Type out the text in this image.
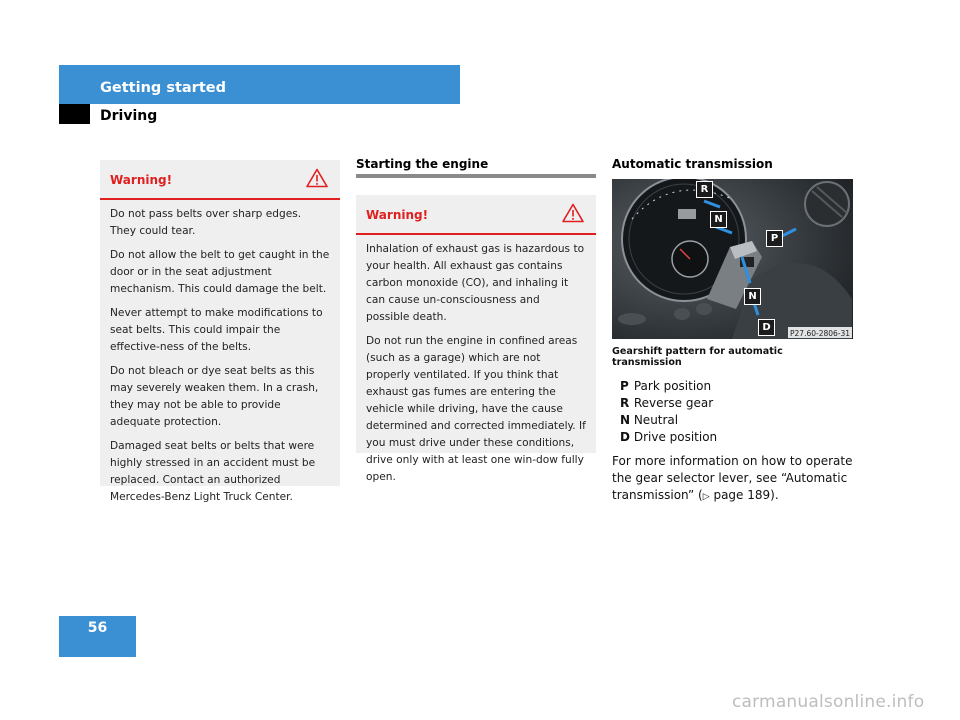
Getting started
Driving
Warning!

Do not pass belts over sharp edges. They could tear.

Do not allow the belt to get caught in the door or in the seat adjustment mechanism. This could damage the belt.

Never attempt to make modifications to seat belts. This could impair the effective-ness of the belts.

Do not bleach or dye seat belts as this may severely weaken them. In a crash, they may not be able to provide adequate protection.

Damaged seat belts or belts that were highly stressed in an accident must be replaced. Contact an authorized Mercedes-Benz Light Truck Center.

Starting the engine
Warning!

Inhalation of exhaust gas is hazardous to your health. All exhaust gas contains carbon monoxide (CO), and inhaling it can cause un-consciousness and possible death.

Do not run the engine in confined areas (such as a garage) which are not properly ventilated. If you think that exhaust gas fumes are entering the vehicle while driving, have the cause determined and corrected immediately. If you must drive under these conditions, drive only with at least one win-dow fully open.

Automatic transmission
P27.60-2806-31
R
N
P
N
D
Gearshift pattern for automatic transmission
P Park position
R Reverse gear
N Neutral
D Drive position
For more information on how to operate the gear selector lever, see “Automatic transmission” (▷ page 189).
56
carmanualsonline.info
